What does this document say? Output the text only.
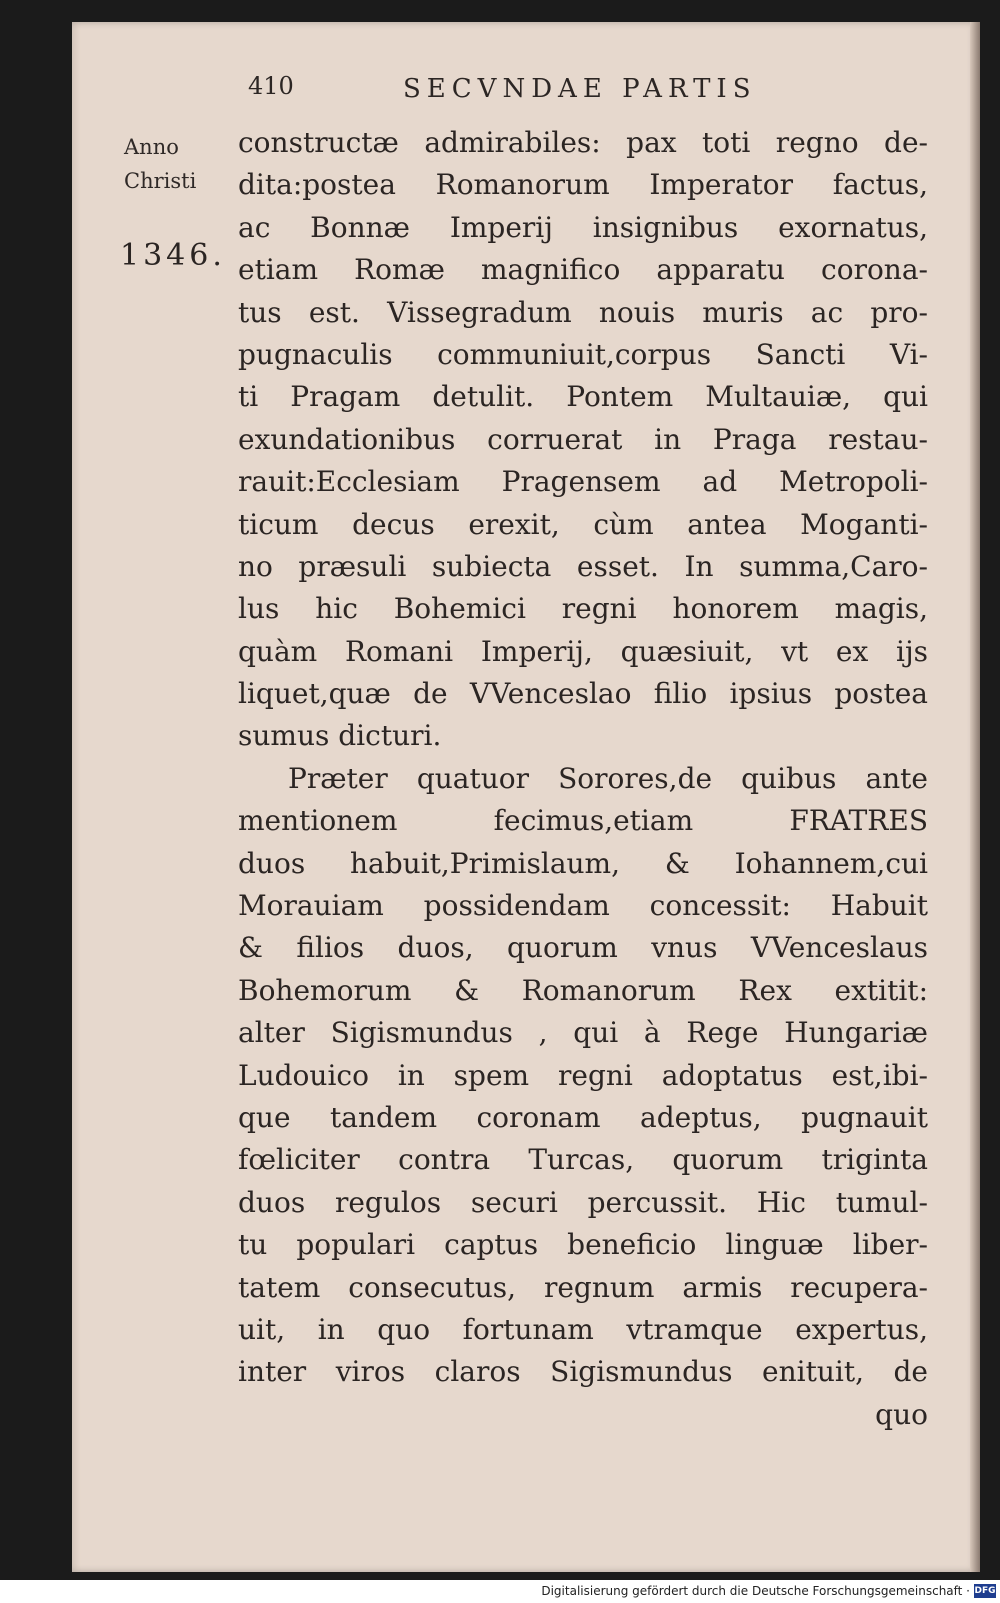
410	SECVNDAE PARTIS
Anno
Christi
1346.
constructæ admirabiles: pax toti regno de-
dita:postea Romanorum Imperator factus,
ac Bonnæ Imperij insignibus exornatus,
etiam Romæ magnifico apparatu corona-
tus est. Vissegradum nouis muris ac pro-
pugnaculis communiuit,corpus Sancti Vi-
ti Pragam detulit. Pontem Multauiæ, qui
exundationibus corruerat in Praga restau-
rauit:Ecclesiam Pragensem ad Metropoli-
ticum decus erexit, cùm antea Moganti-
no præsuli subiecta esset. In summa,Caro-
lus hic Bohemici regni honorem magis,
quàm Romani Imperij, quæsiuit, vt ex ijs
liquet,quæ de VVenceslao filio ipsius postea
sumus dicturi.
Præter quatuor Sorores,de quibus ante
mentionem fecimus,etiam FRATRES
duos habuit,Primislaum, & Iohannem,cui
Morauiam possidendam concessit: Habuit
& filios duos, quorum vnus VVenceslaus
Bohemorum & Romanorum Rex extitit:
alter Sigismundus , qui à Rege Hungariæ
Ludouico in spem regni adoptatus est,ibi-
que tandem coronam adeptus, pugnauit
fœliciter contra Turcas, quorum triginta
duos regulos securi percussit. Hic tumul-
tu populari captus beneficio linguæ liber-
tatem consecutus, regnum armis recupera-
uit, in quo fortunam vtramque expertus,
inter viros claros Sigismundus enituit, de
quo
Digitalisierung gefördert durch die Deutsche Forschungsgemeinschaft · DFG
